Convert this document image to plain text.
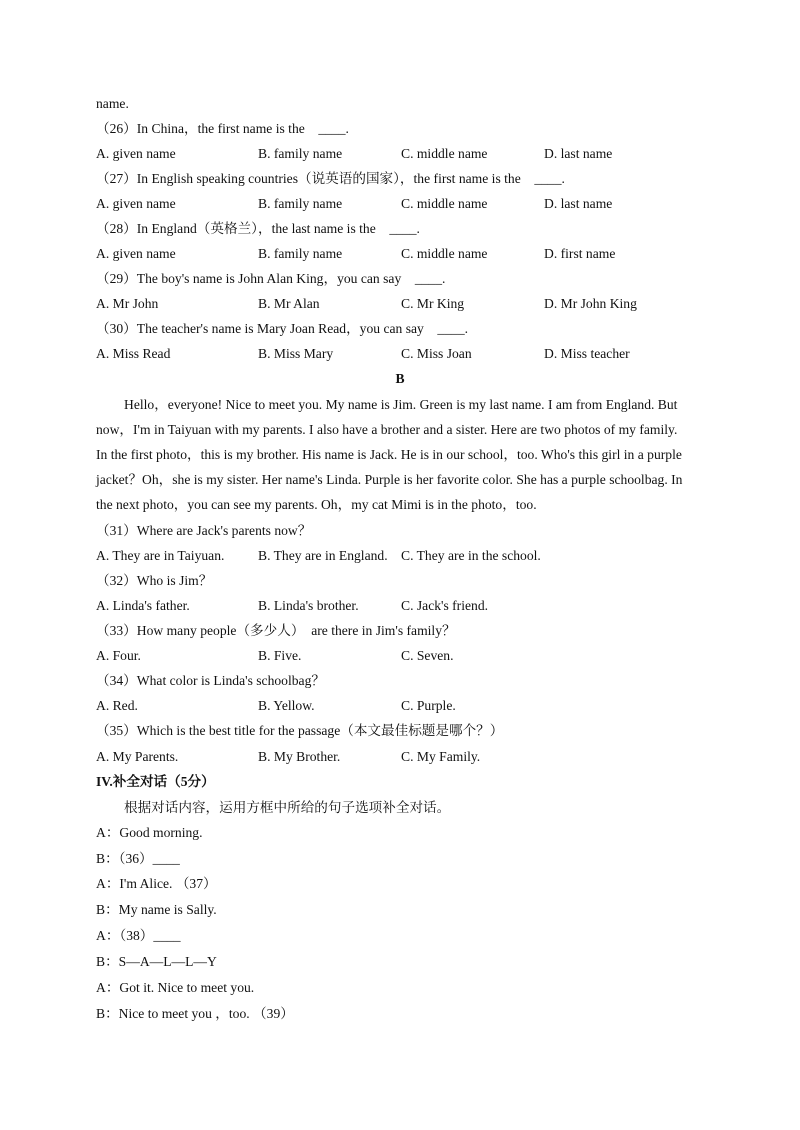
name.
（26）In China，the first name is the　____.
A. given name	B. family name	C. middle name	D. last name
（27）In English speaking countries（说英语的国家），the first name is the　____.
A. given name	B. family name	C. middle name	D. last name
（28）In England（英格兰），the last name is the　____.
A. given name	B. family name	C. middle name	D. first name
（29）The boy's name is John Alan King，you can say　____.
A. Mr John	B. Mr Alan	C. Mr King	D. Mr John King
（30）The teacher's name is Mary Joan Read，you can say　____.
A. Miss Read	B. Miss Mary	C. Miss Joan	D. Miss teacher
B
Hello，everyone! Nice to meet you. My name is Jim. Green is my last name. I am from England. But
now，I'm in Taiyuan with my parents. I also have a brother and a sister. Here are two photos of my family.
In the first photo，this is my brother. His name is Jack. He is in our school，too. Who's this girl in a purple
jacket？Oh，she is my sister. Her name's Linda. Purple is her favorite color. She has a purple schoolbag. In
the next photo，you can see my parents. Oh，my cat Mimi is in the photo，too.
（31）Where are Jack's parents now？
A. They are in Taiyuan. B. They are in England. C. They are in the school.
（32）Who is Jim？
A. Linda's father.	B. Linda's brother.	C. Jack's friend.
（33）How many people（多少人）　are there in Jim's family？
A. Four.	B. Five.	C. Seven.
（34）What color is Linda's schoolbag？
A. Red.	B. Yellow.	C. Purple.
（35）Which is the best title for the passage（本文最佳标题是哪个？）
A. My Parents.	B. My Brother.	C. My Family.
IV.补全对话（5分）
根据对话内容，运用方框中所给的句子选项补全对话。
A：Good morning.
B：（36）____
A：I'm Alice. （37）
B：My name is Sally.
A：（38）____
B：S—A—L—L—Y
A：Got it. Nice to meet you.
B：Nice to meet you ，too. （39）
